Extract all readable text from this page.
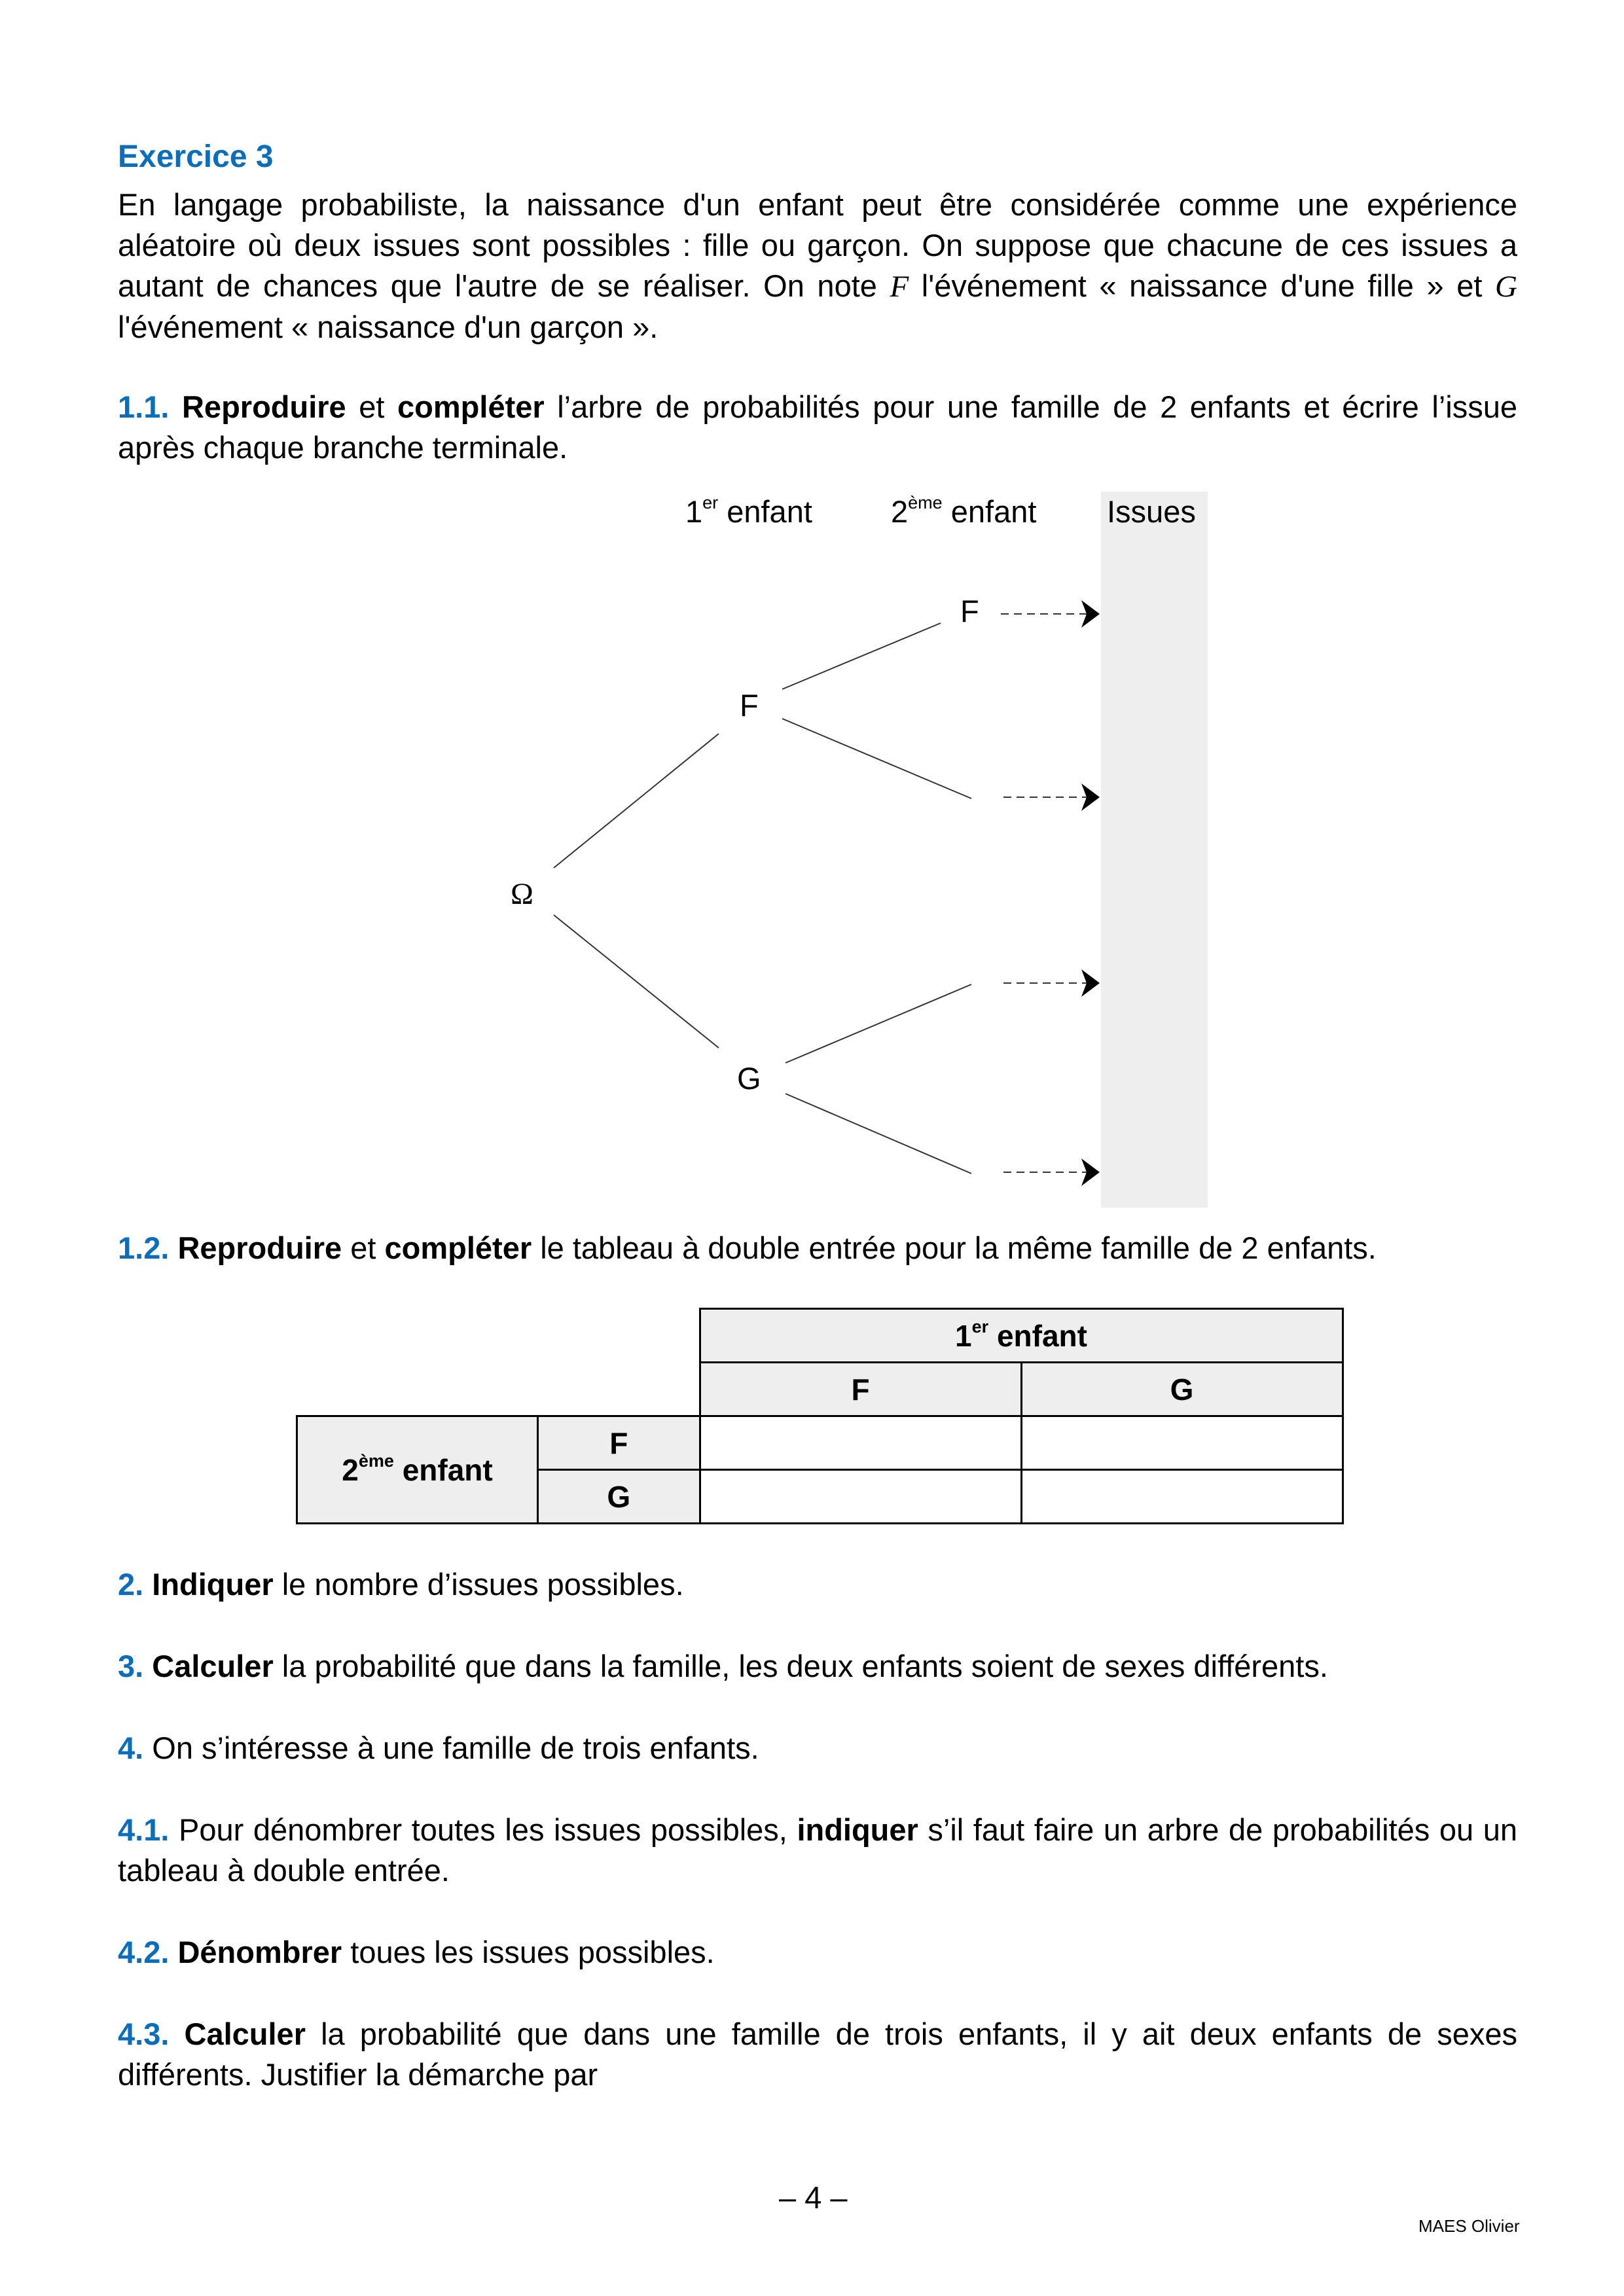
Exercice 3
En langage probabiliste, la naissance d'un enfant peut être considérée comme une expérience aléatoire où deux issues sont possibles : fille ou garçon. On suppose que chacune de ces issues a autant de chances que l'autre de se réaliser. On note F l'événement « naissance d'une fille » et G l'événement « naissance d'un garçon ».
1.1. Reproduire et compléter l’arbre de probabilités pour une famille de 2 enfants et écrire l’issue après chaque branche terminale.
1er enfant	2ème enfant Issues
Ω
F
G
F
1.2. Reproduire et compléter le tableau à double entrée pour la même famille de 2 enfants.
		1er enfant	
		F	G
2ème enfant	F		
	G		
2. Indiquer le nombre d’issues possibles.
3. Calculer la probabilité que dans la famille, les deux enfants soient de sexes différents.
4. On s’intéresse à une famille de trois enfants.
4.1. Pour dénombrer toutes les issues possibles, indiquer s’il faut faire un arbre de probabilités ou un tableau à double entrée.
4.2. Dénombrer toues les issues possibles.
4.3. Calculer la probabilité que dans une famille de trois enfants, il y ait deux enfants de sexes différents. Justifier la démarche par
– 4 –
MAES Olivier
